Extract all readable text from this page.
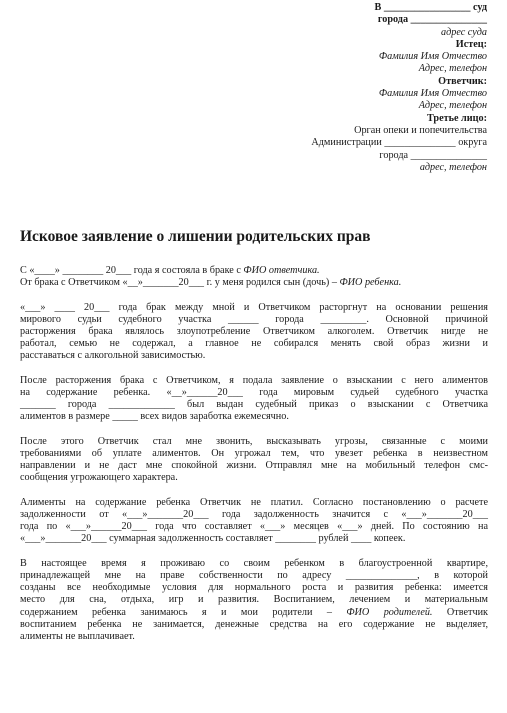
В _________________ суд
города _______________
адрес суда
Истец:
Фамилия Имя Отчество
Адрес, телефон
Ответчик:
Фамилия Имя Отчество
Адрес, телефон
Третье лицо:
Орган опеки и попечительства
Администрации ______________ округа
города _______________
адрес, телефон
Исковое заявление о лишении родительских прав
С «____» ________ 20___ года я состояла в браке с ФИО ответчика.
От брака с Ответчиком «__»_______20___ г. у меня родился сын (дочь) – ФИО ребенка.
«___» ____ 20___ года брак между мной и Ответчиком расторгнут на основании решения
мирового судьи судебного участка ______ города _________. Основной причиной
расторжения брака являлось злоупотребление Ответчиком алкоголем. Ответчик нигде не
работал, семью не содержал, а главное не собирался менять свой образ жизни и
расставаться с алкогольной зависимостью.
После расторжения брака с Ответчиком, я подала заявление о взыскании с него алиментов
на содержание ребенка. «__»______20___ года мировым судьей судебного участка
_______ города _____________ был выдан судебный приказ о взыскании с Ответчика
алиментов в размере _____ всех видов заработка ежемесячно.
После этого Ответчик стал мне звонить, высказывать угрозы, связанные с моими
требованиями об уплате алиментов. Он угрожал тем, что увезет ребенка в неизвестном
направлении и не даст мне спокойной жизни. Отправлял мне на мобильный телефон смс-
сообщения угрожающего характера.
Алименты на содержание ребенка Ответчик не платил. Согласно постановлению о расчете
задолженности от «___»_______20___ года задолженность значится с «___»_______20___
года по «___»______20___ года что составляет «___» месяцев «___» дней. По состоянию на
«___»_______20___ суммарная задолженность составляет ________ рублей ____ копеек.
В настоящее время я проживаю со своим ребенком в благоустроенной квартире,
принадлежащей мне на праве собственности по адресу ______________, в которой
созданы все необходимые условия для нормального роста и развития ребенка: имеется
место для сна, отдыха, игр и развития. Воспитанием, лечением и материальным
содержанием ребенка занимаюсь я и мои родители – ФИО родителей. Ответчик
воспитанием ребенка не занимается, денежные средства на его содержание не выделяет,
алименты не выплачивает.
